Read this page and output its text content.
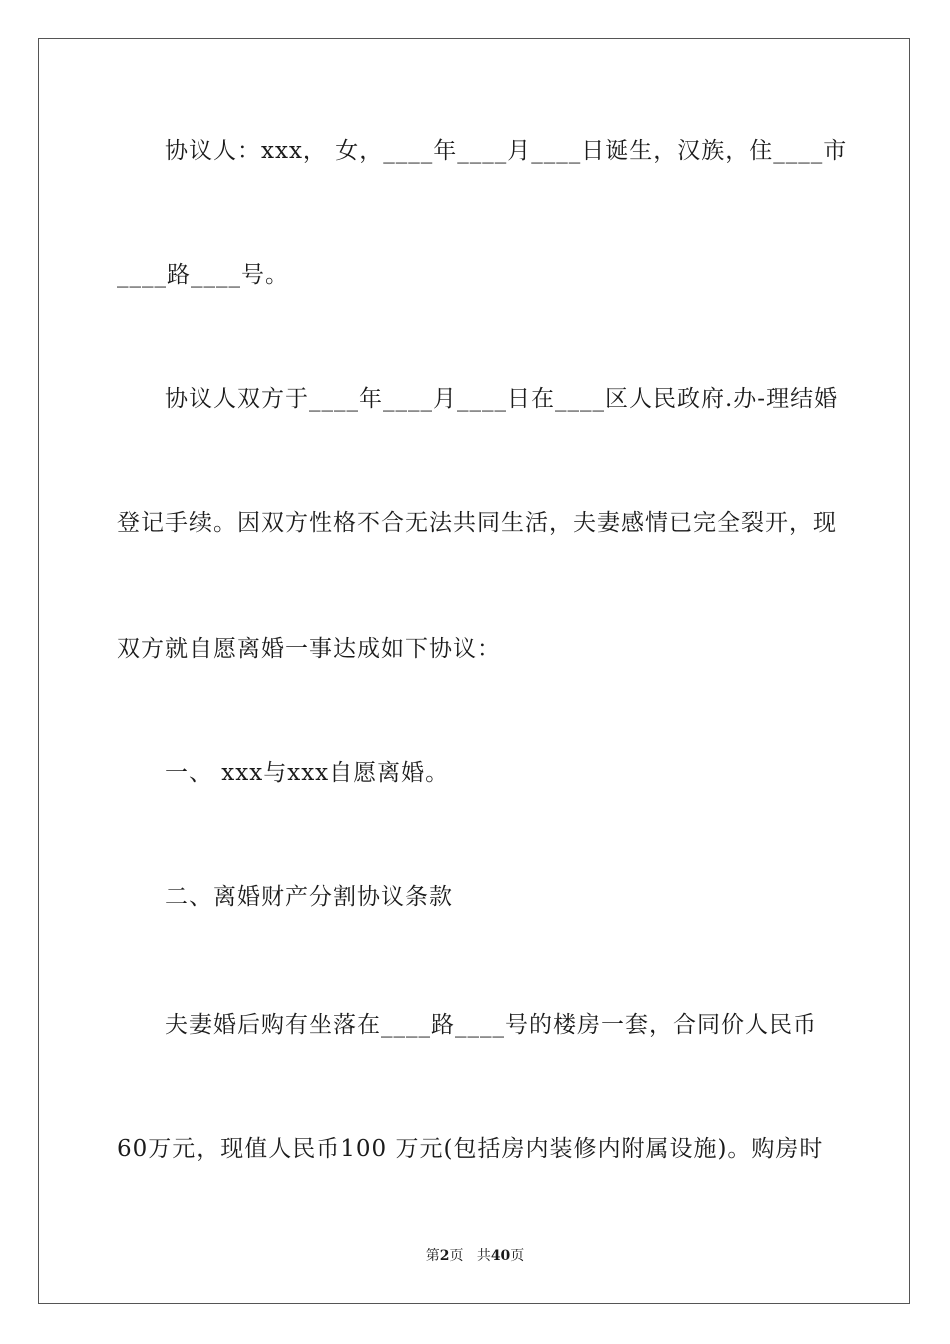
协议人：xxx， 女，____年____月____日诞生，汉族，住____市
____路____号。
协议人双方于____年____月____日在____区人民政府.办-理结婚
登记手续。因双方性格不合无法共同生活，夫妻感情已完全裂开，现
双方就自愿离婚一事达成如下协议：
一、 xxx与xxx自愿离婚。
二、离婚财产分割协议条款
夫妻婚后购有坐落在____路____号的楼房一套，合同价人民币
60万元，现值人民币100 万元(包括房内装修内附属设施)。购房时
第2页 共40页
